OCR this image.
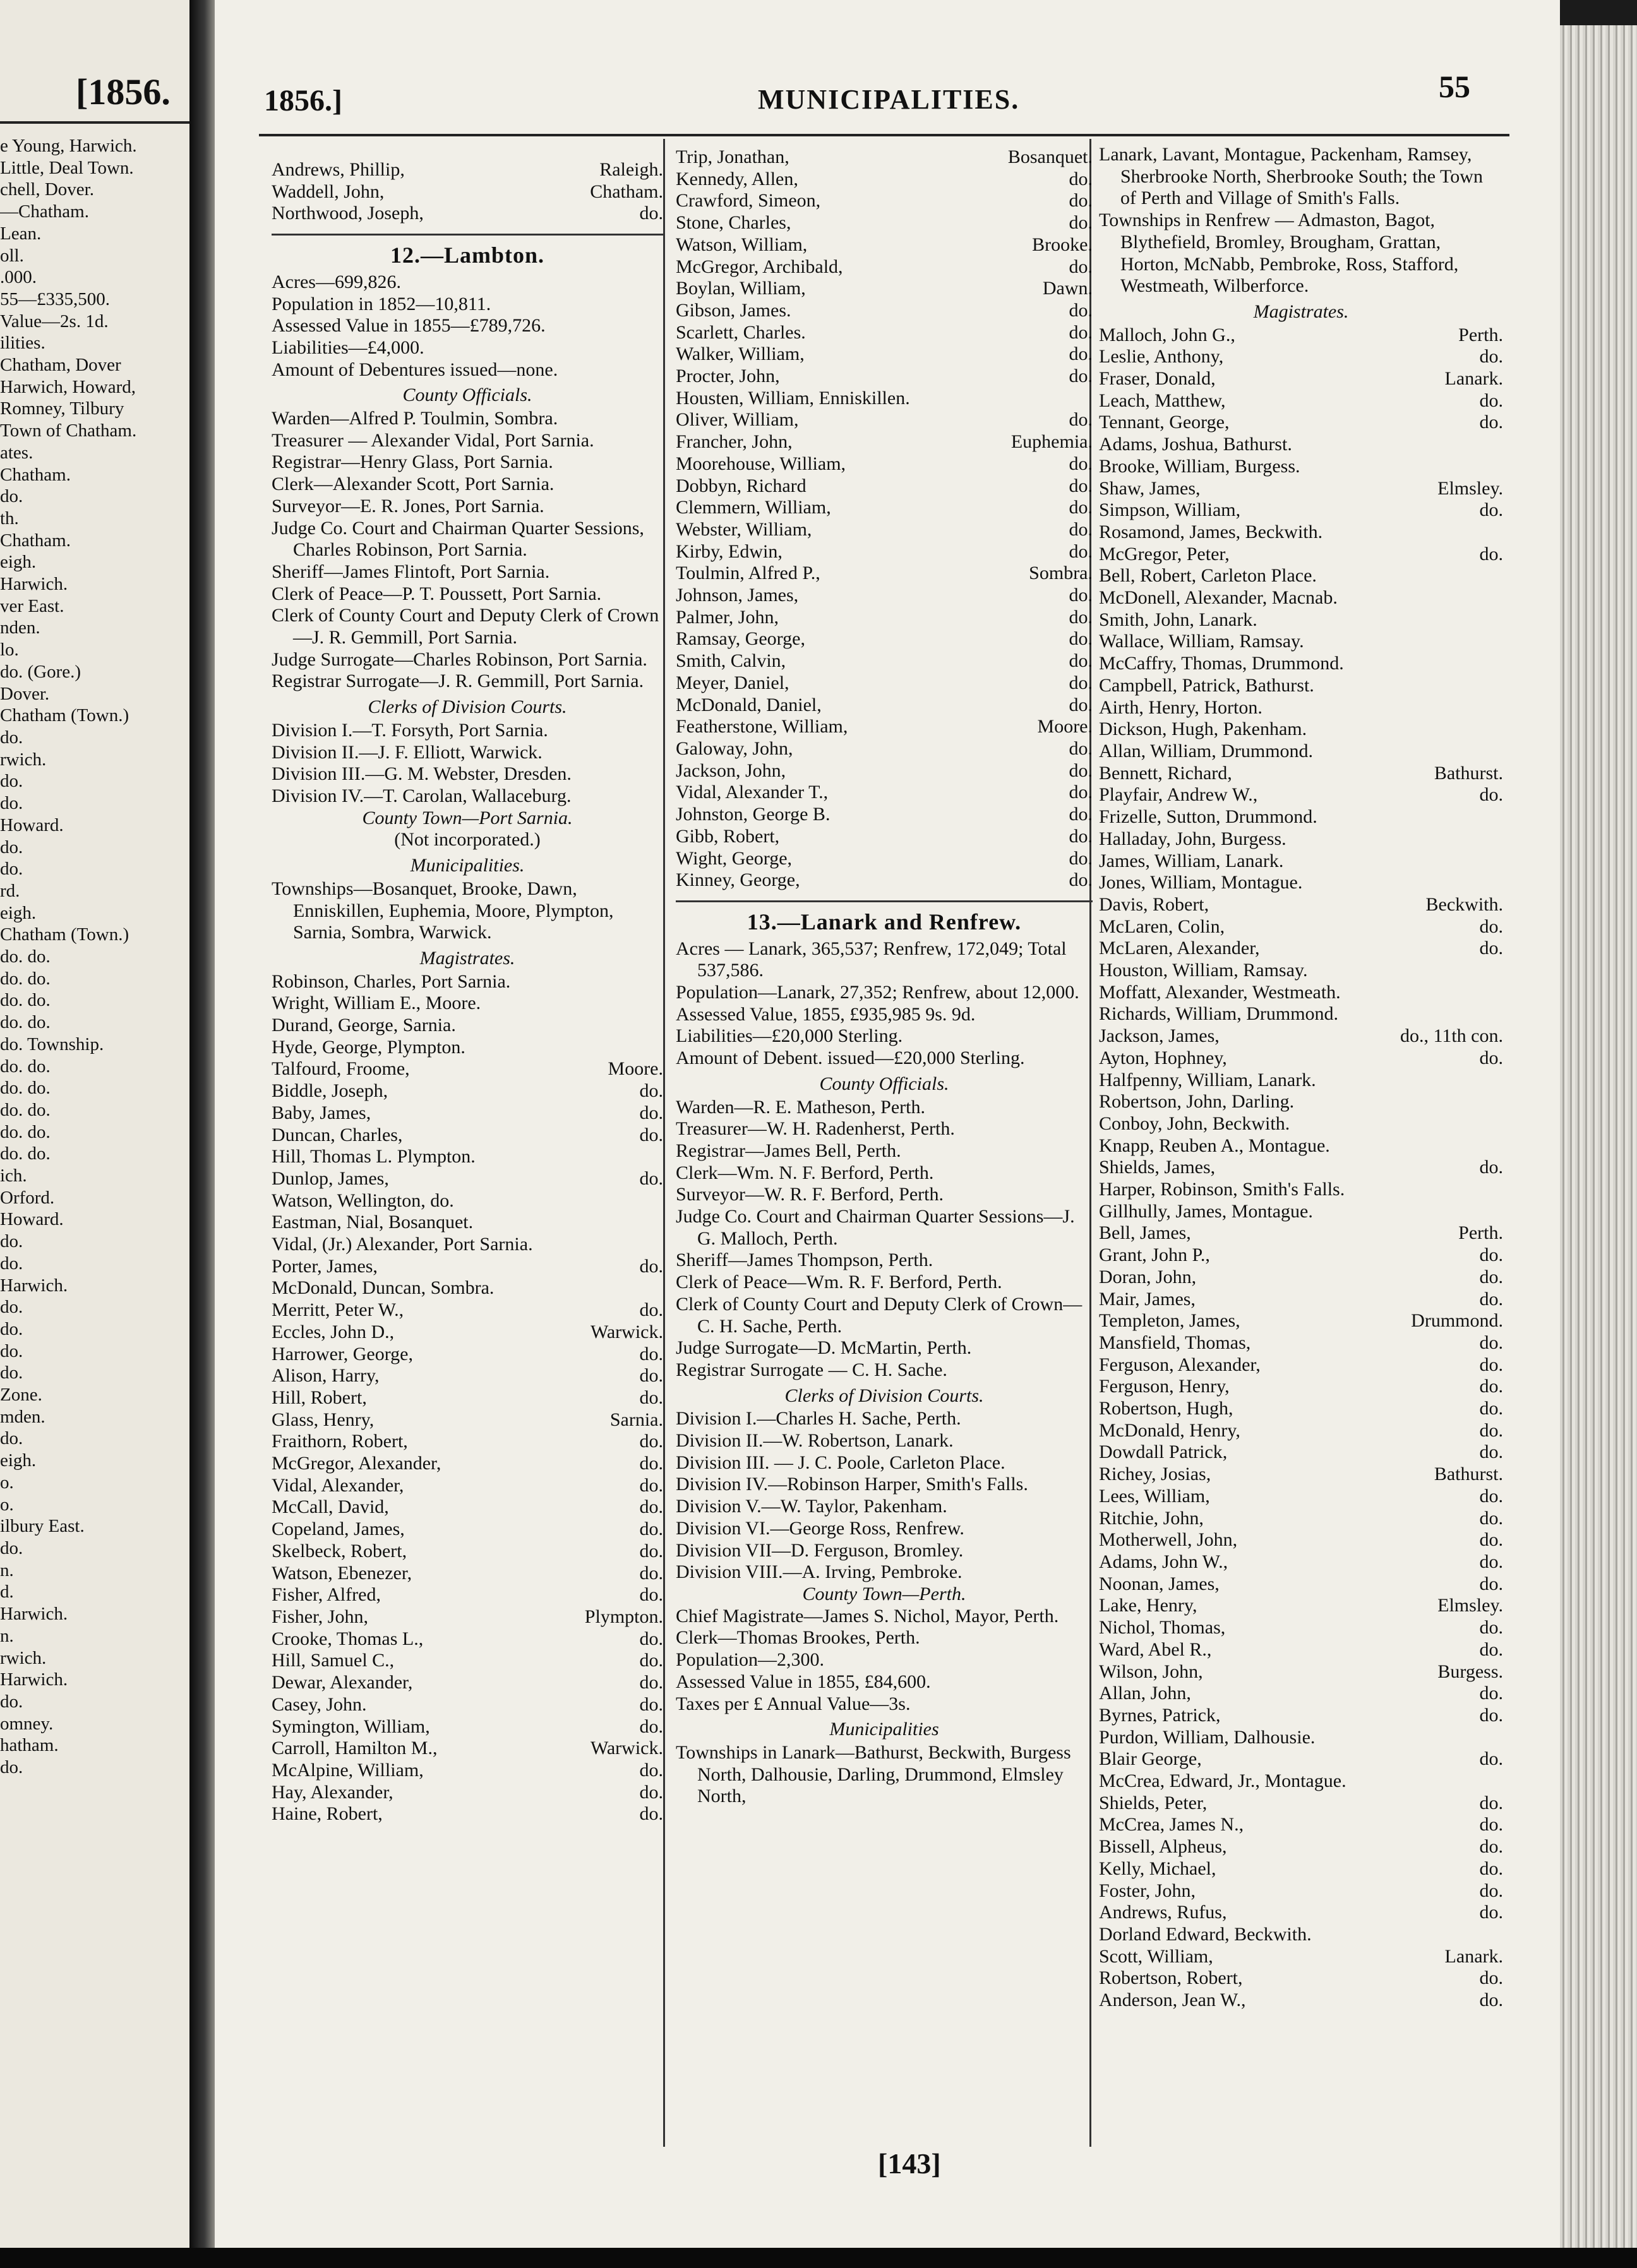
[1856.
e Young, Harwich.
Little, Deal Town.
chell, Dover.
—Chatham.
Lean.
oll.
.000.
55—£335,500.
Value—2s. 1d.
ilities.
Chatham, Dover
Harwich, Howard,
Romney, Tilbury
Town of Chatham.
ates.
Chatham.
do.
th.
Chatham.
eigh.
Harwich.
ver East.
nden.
lo.
do. (Gore.)
Dover.
Chatham (Town.)
do.
rwich.
do.
do.
Howard.
do.
do.
rd.
eigh.
Chatham (Town.)
do. do.
do. do.
do. do.
do. do.
do. Township.
do. do.
do. do.
do. do.
do. do.
do. do.
ich.
Orford.
Howard.
do.
do.
Harwich.
do.
do.
do.
do.
Zone.
mden.
do.
eigh.
o.
o.
ilbury East.
do.
n.
d.
Harwich.
n.
rwich.
Harwich.
do.
omney.
hatham.
do.
1856.]	MUNICIPALITIES.	55
Andrews, Phillip,	Raleigh.
Waddell, John,	Chatham.
Northwood, Joseph,	do.
12.—Lambton.
Acres—699,826.
Population in 1852—10,811.
Assessed Value in 1855—£789,726.
Liabilities—£4,000.
Amount of Debentures issued—none.
County Officials.
Warden—Alfred P. Toulmin, Sombra.
Treasurer — Alexander Vidal, Port Sarnia.
Registrar—Henry Glass, Port Sarnia.
Clerk—Alexander Scott, Port Sarnia.
Surveyor—E. R. Jones, Port Sarnia.
Judge Co. Court and Chairman Quarter Sessions, Charles Robinson, Port Sarnia.
Sheriff—James Flintoft, Port Sarnia.
Clerk of Peace—P. T. Poussett, Port Sarnia.
Clerk of County Court and Deputy Clerk of Crown—J. R. Gemmill, Port Sarnia.
Judge Surrogate—Charles Robinson, Port Sarnia.
Registrar Surrogate—J. R. Gemmill, Port Sarnia.
Clerks of Division Courts.
Division I.—T. Forsyth, Port Sarnia.
Division II.—J. F. Elliott, Warwick.
Division III.—G. M. Webster, Dresden.
Division IV.—T. Carolan, Wallaceburg.
County Town—Port Sarnia.
(Not incorporated.)
Municipalities.
Townships—Bosanquet, Brooke, Dawn, Enniskillen, Euphemia, Moore, Plympton, Sarnia, Sombra, Warwick.
Magistrates.
Robinson, Charles, Port Sarnia.
Wright, William E., Moore.
Durand, George, Sarnia.
Hyde, George, Plympton.
Talfourd, Froome,	Moore.
Biddle, Joseph,	do.
Baby, James,	do.
Duncan, Charles,	do.
Hill, Thomas L. Plympton.
Dunlop, James,	do.
Watson, Wellington, do.
Eastman, Nial, Bosanquet.
Vidal, (Jr.) Alexander, Port Sarnia.
Porter, James,	do.
McDonald, Duncan, Sombra.
Merritt, Peter W.,	do.
Eccles, John D.,	Warwick.
Harrower, George,	do.
Alison, Harry,	do.
Hill, Robert,	do.
Glass, Henry,	Sarnia.
Fraithorn, Robert,	do.
McGregor, Alexander,	do.
Vidal, Alexander,	do.
McCall, David,	do.
Copeland, James,	do.
Skelbeck, Robert,	do.
Watson, Ebenezer,	do.
Fisher, Alfred,	do.
Fisher, John,	Plympton.
Crooke, Thomas L.,	do.
Hill, Samuel C.,	do.
Dewar, Alexander,	do.
Casey, John.	do.
Symington, William,	do.
Carroll, Hamilton M.,	Warwick.
McAlpine, William,	do.
Hay, Alexander,	do.
Haine, Robert,	do.
Trip, Jonathan,	Bosanquet.
Kennedy, Allen,	do.
Crawford, Simeon,	do.
Stone, Charles,	do.
Watson, William,	Brooke.
McGregor, Archibald,	do.
Boylan, William,	Dawn.
Gibson, James.	do.
Scarlett, Charles.	do.
Walker, William,	do.
Procter, John,	do.
Housten, William, Enniskillen.
Oliver, William,	do.
Francher, John,	Euphemia.
Moorehouse, William,	do.
Dobbyn, Richard	do.
Clemmern, William,	do.
Webster, William,	do.
Kirby, Edwin,	do.
Toulmin, Alfred P.,	Sombra.
Johnson, James,	do.
Palmer, John,	do.
Ramsay, George,	do.
Smith, Calvin,	do.
Meyer, Daniel,	do.
McDonald, Daniel,	do.
Featherstone, William,	Moore.
Galoway, John,	do.
Jackson, John,	do.
Vidal, Alexander T.,	do.
Johnston, George B.	do.
Gibb, Robert,	do.
Wight, George,	do.
Kinney, George,	do.
13.—Lanark and Renfrew.
Acres — Lanark, 365,537; Renfrew, 172,049; Total 537,586.
Population—Lanark, 27,352; Renfrew, about 12,000.
Assessed Value, 1855, £935,985 9s. 9d.
Liabilities—£20,000 Sterling.
Amount of Debent. issued—£20,000 Sterling.
County Officials.
Warden—R. E. Matheson, Perth.
Treasurer—W. H. Radenherst, Perth.
Registrar—James Bell, Perth.
Clerk—Wm. N. F. Berford, Perth.
Surveyor—W. R. F. Berford, Perth.
Judge Co. Court and Chairman Quarter Sessions—J. G. Malloch, Perth.
Sheriff—James Thompson, Perth.
Clerk of Peace—Wm. R. F. Berford, Perth.
Clerk of County Court and Deputy Clerk of Crown—C. H. Sache, Perth.
Judge Surrogate—D. McMartin, Perth.
Registrar Surrogate — C. H. Sache.
Clerks of Division Courts.
Division I.—Charles H. Sache, Perth.
Division II.—W. Robertson, Lanark.
Division III. — J. C. Poole, Carleton Place.
Division IV.—Robinson Harper, Smith's Falls.
Division V.—W. Taylor, Pakenham.
Division VI.—George Ross, Renfrew.
Division VII—D. Ferguson, Bromley.
Division VIII.—A. Irving, Pembroke.
County Town—Perth.
Chief Magistrate—James S. Nichol, Mayor, Perth.
Clerk—Thomas Brookes, Perth.
Population—2,300.
Assessed Value in 1855, £84,600.
Taxes per £ Annual Value—3s.
Municipalities
Townships in Lanark—Bathurst, Beckwith, Burgess North, Dalhousie, Darling, Drummond, Elmsley North,
Lanark, Lavant, Montague, Packenham, Ramsey, Sherbrooke North, Sherbrooke South; the Town of Perth and Village of Smith's Falls.
Townships in Renfrew — Admaston, Bagot, Blythefield, Bromley, Brougham, Grattan, Horton, McNabb, Pembroke, Ross, Stafford, Westmeath, Wilberforce.
Magistrates.
Malloch, John G.,	Perth.
Leslie, Anthony,	do.
Fraser, Donald,	Lanark.
Leach, Matthew,	do.
Tennant, George,	do.
Adams, Joshua, Bathurst.
Brooke, William, Burgess.
Shaw, James,	Elmsley.
Simpson, William,	do.
Rosamond, James, Beckwith.
McGregor, Peter,	do.
Bell, Robert, Carleton Place.
McDonell, Alexander, Macnab.
Smith, John, Lanark.
Wallace, William, Ramsay.
McCaffry, Thomas, Drummond.
Campbell, Patrick, Bathurst.
Airth, Henry, Horton.
Dickson, Hugh, Pakenham.
Allan, William, Drummond.
Bennett, Richard,	Bathurst.
Playfair, Andrew W.,	do.
Frizelle, Sutton, Drummond.
Halladay, John, Burgess.
James, William, Lanark.
Jones, William, Montague.
Davis, Robert,	Beckwith.
McLaren, Colin,	do.
McLaren, Alexander,	do.
Houston, William, Ramsay.
Moffatt, Alexander, Westmeath.
Richards, William, Drummond.
Jackson, James,	do., 11th con.
Ayton, Hophney,	do.
Halfpenny, William, Lanark.
Robertson, John, Darling.
Conboy, John, Beckwith.
Knapp, Reuben A., Montague.
Shields, James,	do.
Harper, Robinson, Smith's Falls.
Gillhully, James, Montague.
Bell, James,	Perth.
Grant, John P.,	do.
Doran, John,	do.
Mair, James,	do.
Templeton, James,	Drummond.
Mansfield, Thomas,	do.
Ferguson, Alexander,	do.
Ferguson, Henry,	do.
Robertson, Hugh,	do.
McDonald, Henry,	do.
Dowdall Patrick,	do.
Richey, Josias,	Bathurst.
Lees, William,	do.
Ritchie, John,	do.
Motherwell, John,	do.
Adams, John W.,	do.
Noonan, James,	do.
Lake, Henry,	Elmsley.
Nichol, Thomas,	do.
Ward, Abel R.,	do.
Wilson, John,	Burgess.
Allan, John,	do.
Byrnes, Patrick,	do.
Purdon, William, Dalhousie.
Blair George,	do.
McCrea, Edward, Jr., Montague.
Shields, Peter,	do.
McCrea, James N.,	do.
Bissell, Alpheus,	do.
Kelly, Michael,	do.
Foster, John,	do.
Andrews, Rufus,	do.
Dorland Edward, Beckwith.
Scott, William,	Lanark.
Robertson, Robert,	do.
Anderson, Jean W.,	do.
[143]
